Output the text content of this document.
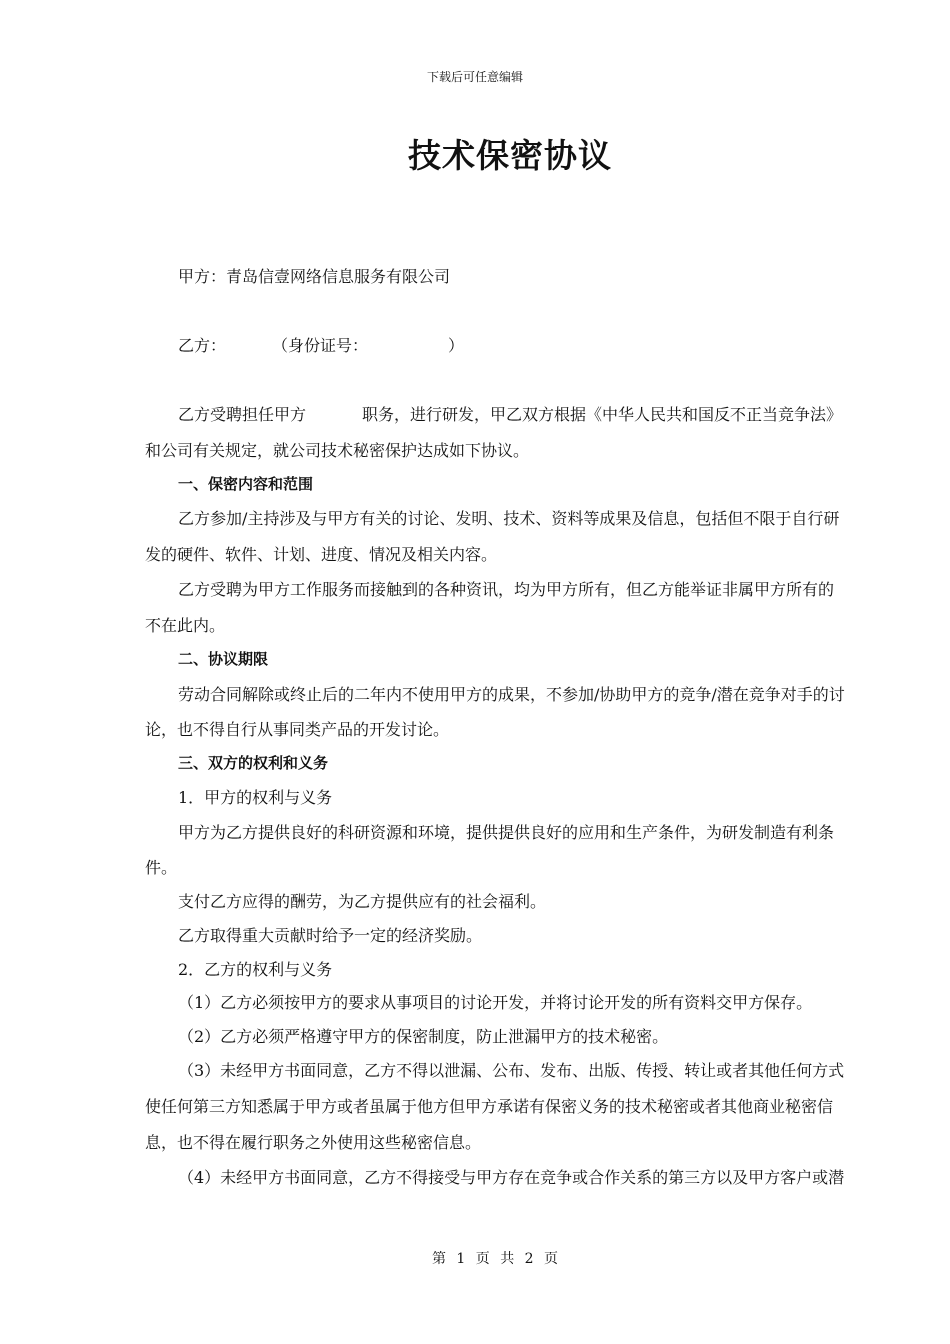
下载后可任意编辑
技术保密协议
甲方：青岛信壹网络信息服务有限公司
乙方：	（身份证号：	）
乙方受聘担任甲方	职务，进行研发，甲乙双方根据《中华人民共和国反不正当竞争法》
和公司有关规定，就公司技术秘密保护达成如下协议。
一、保密内容和范围
乙方参加/主持涉及与甲方有关的讨论、发明、技术、资料等成果及信息，包括但不限于自行研
发的硬件、软件、计划、进度、情况及相关内容。
乙方受聘为甲方工作服务而接触到的各种资讯，均为甲方所有，但乙方能举证非属甲方所有的
不在此内。
二、协议期限
劳动合同解除或终止后的二年内不使用甲方的成果，不参加/协助甲方的竞争/潜在竞争对手的讨
论，也不得自行从事同类产品的开发讨论。
三、双方的权利和义务
1．甲方的权利与义务
甲方为乙方提供良好的科研资源和环境，提供提供良好的应用和生产条件，为研发制造有利条
件。
支付乙方应得的酬劳，为乙方提供应有的社会福利。
乙方取得重大贡献时给予一定的经济奖励。
2．乙方的权利与义务
（1）乙方必须按甲方的要求从事项目的讨论开发，并将讨论开发的所有资料交甲方保存。
（2）乙方必须严格遵守甲方的保密制度，防止泄漏甲方的技术秘密。
（3）未经甲方书面同意，乙方不得以泄漏、公布、发布、出版、传授、转让或者其他任何方式
使任何第三方知悉属于甲方或者虽属于他方但甲方承诺有保密义务的技术秘密或者其他商业秘密信
息，也不得在履行职务之外使用这些秘密信息。
（4）未经甲方书面同意，乙方不得接受与甲方存在竞争或合作关系的第三方以及甲方客户或潜
第 1 页 共 2 页
